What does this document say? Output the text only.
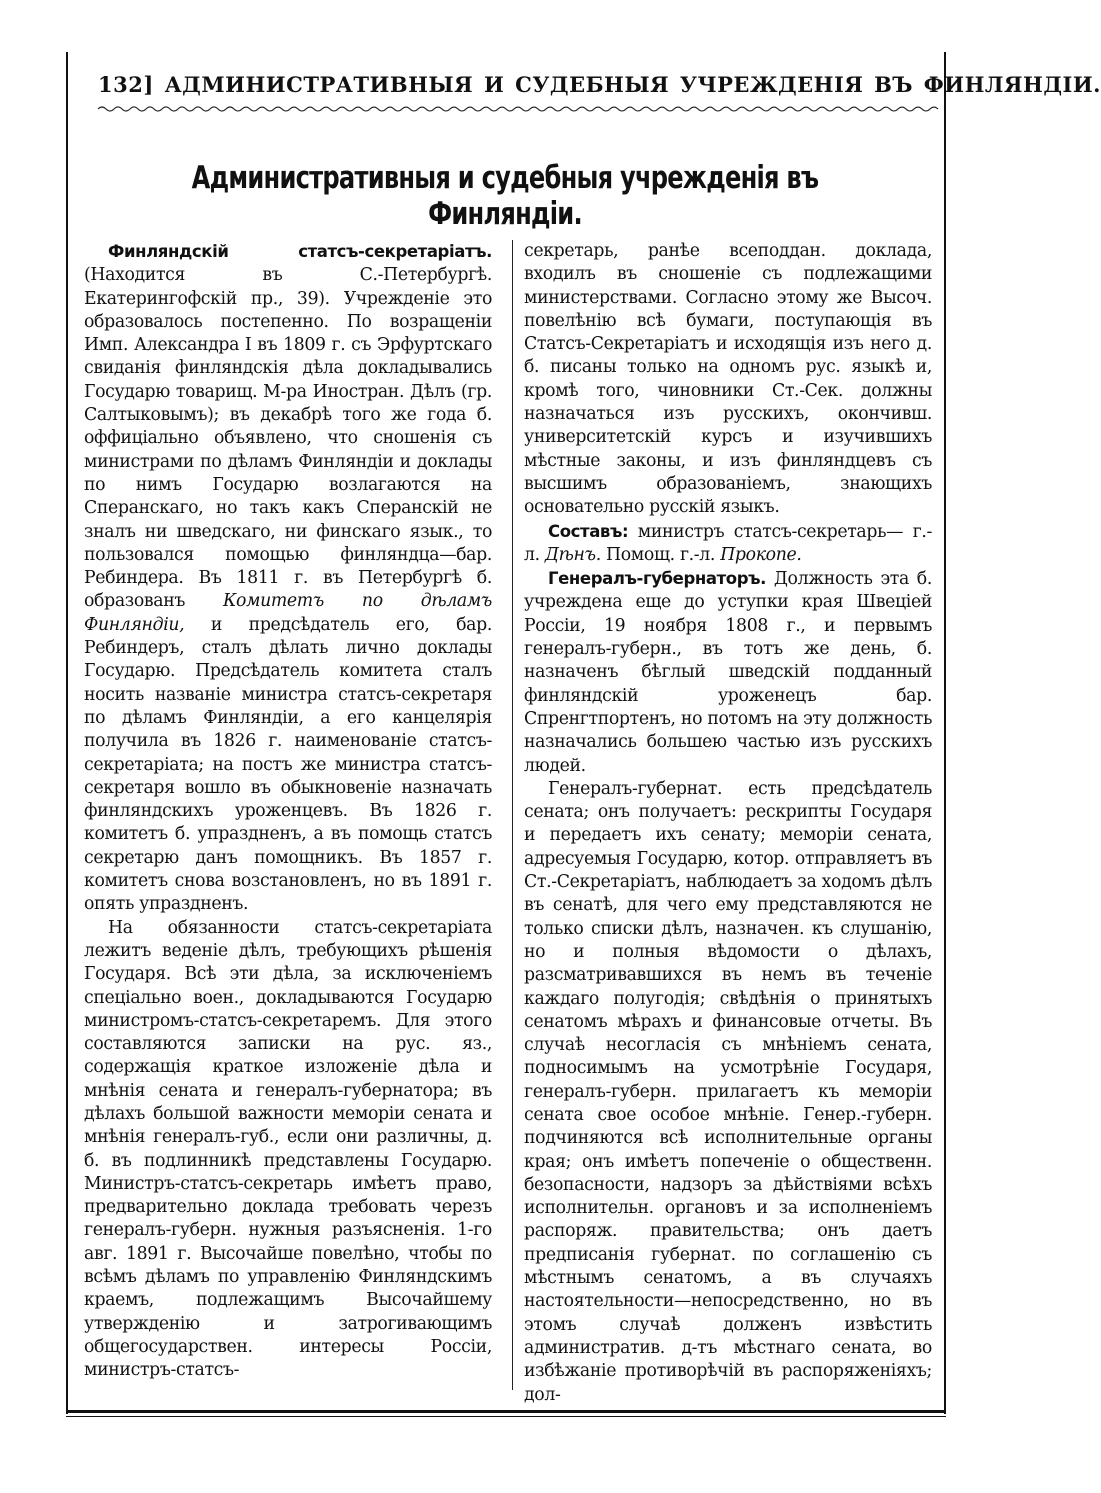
132] АДМИНИСТРАТИВНЫЯ И СУДЕБНЫЯ УЧРЕЖДЕНІЯ ВЪ ФИНЛЯНДІИ.
Административныя и судебныя учрежденія въ Финляндіи.

Финляндскій статсъ-секретаріатъ. (Находится въ С.-Петербургѣ. Екатерингофскій пр., 39). Учрежденіе это образовалось постепенно. По возращеніи Имп. Александра I въ 1809 г. съ Эрфуртскаго свиданія финляндскія дѣла докладывались Государю товарищ. М-ра Иностран. Дѣлъ (гр. Салтыковымъ); въ декабрѣ того же года б. оффиціально объявлено, что сношенія съ министрами по дѣламъ Финляндіи и доклады по нимъ Государю возлагаются на Сперанскаго, но такъ какъ Сперанскій не зналъ ни шведскаго, ни финскаго язык., то пользовался помощью финляндца—бар. Ребиндера. Въ 1811 г. въ Петербургѣ б. образованъ Комитетъ по дѣламъ Финляндіи, и предсѣдатель его, бар. Ребиндеръ, сталъ дѣлать лично доклады Государю. Предсѣдатель комитета сталъ носить названіе министра статсъ-секретаря по дѣламъ Финляндіи, а его канцелярія получила въ 1826 г. наименованіе статсъ-секретаріата; на постъ же министра статсъ-секретаря вошло въ обыкновеніе назначать финляндскихъ уроженцевъ. Въ 1826 г. комитетъ б. упраздненъ, а въ помощь статсъ секретарю данъ помощникъ. Въ 1857 г. комитетъ снова возстановленъ, но въ 1891 г. опять упраздненъ.

На обязанности статсъ-секретаріата лежитъ веденіе дѣлъ, требующихъ рѣшенія Государя. Всѣ эти дѣла, за исключеніемъ спеціально воен., докладываются Государю министромъ-статсъ-секретаремъ. Для этого составляются записки на рус. яз., содержащія краткое изложеніе дѣла и мнѣнія сената и генералъ-губернатора; въ дѣлахъ большой важности меморіи сената и мнѣнія генералъ-губ., если они различны, д. б. въ подлинникѣ представлены Государю. Министръ-статсъ-секретарь имѣетъ право, предварительно доклада требовать черезъ генералъ-губерн. нужныя разъясненія. 1-го авг. 1891 г. Высочайше повелѣно, чтобы по всѣмъ дѣламъ по управленію Финляндскимъ краемъ, подлежащимъ Высочайшему утвержденію и затрогивающимъ общегосударствен. интересы Россіи, министръ-статсъ-

секретарь, ранѣе всеподдан. доклада, входилъ въ сношеніе съ подлежащими министерствами. Согласно этому же Высоч. повелѣнію всѣ бумаги, поступающія въ Статсъ-Секретаріатъ и исходящія изъ него д. б. писаны только на одномъ рус. языкѣ и, кромѣ того, чиновники Ст.-Сек. должны назначаться изъ русскихъ, окончивш. университетскій курсъ и изучившихъ мѣстные законы, и изъ финляндцевъ съ высшимъ образованіемъ, знающихъ основательно русскій языкъ.

Составъ: министръ статсъ-секретарь— г.-л. Дѣнъ. Помощ. г.-л. Прокопе.

Генералъ-губернаторъ. Должность эта б. учреждена еще до уступки края Швеціей Россіи, 19 ноября 1808 г., и первымъ генералъ-губерн., въ тотъ же день, б. назначенъ бѣглый шведскій подданный финляндскій уроженецъ бар. Спренгтпортенъ, но потомъ на эту должность назначались большею частью изъ русскихъ людей.

Генералъ-губернат. есть предсѣдатель сената; онъ получаетъ: рескрипты Государя и передаетъ ихъ сенату; меморіи сената, адресуемыя Государю, котор. отправляетъ въ Ст.-Секретаріатъ, наблюдаетъ за ходомъ дѣлъ въ сенатѣ, для чего ему представляются не только списки дѣлъ, назначен. къ слушанію, но и полныя вѣдомости о дѣлахъ, разсматривавшихся въ немъ въ теченіе каждаго полугодія; свѣдѣнія о принятыхъ сенатомъ мѣрахъ и финансовые отчеты. Въ случаѣ несогласія съ мнѣніемъ сената, подносимымъ на усмотрѣніе Государя, генералъ-губерн. прилагаетъ къ меморіи сената свое особое мнѣніе. Генер.-губерн. подчиняются всѣ исполнительные органы края; онъ имѣетъ попеченіе о общественн. безопасности, надзоръ за дѣйствіями всѣхъ исполнительн. органовъ и за исполненіемъ распоряж. правительства; онъ даетъ предписанія губернат. по соглашенію съ мѣстнымъ сенатомъ, а въ случаяхъ настоятельности—непосредственно, но въ этомъ случаѣ долженъ извѣстить административ. д-тъ мѣстнаго сената, во избѣжаніе противорѣчій въ распоряженіяхъ; дол-
